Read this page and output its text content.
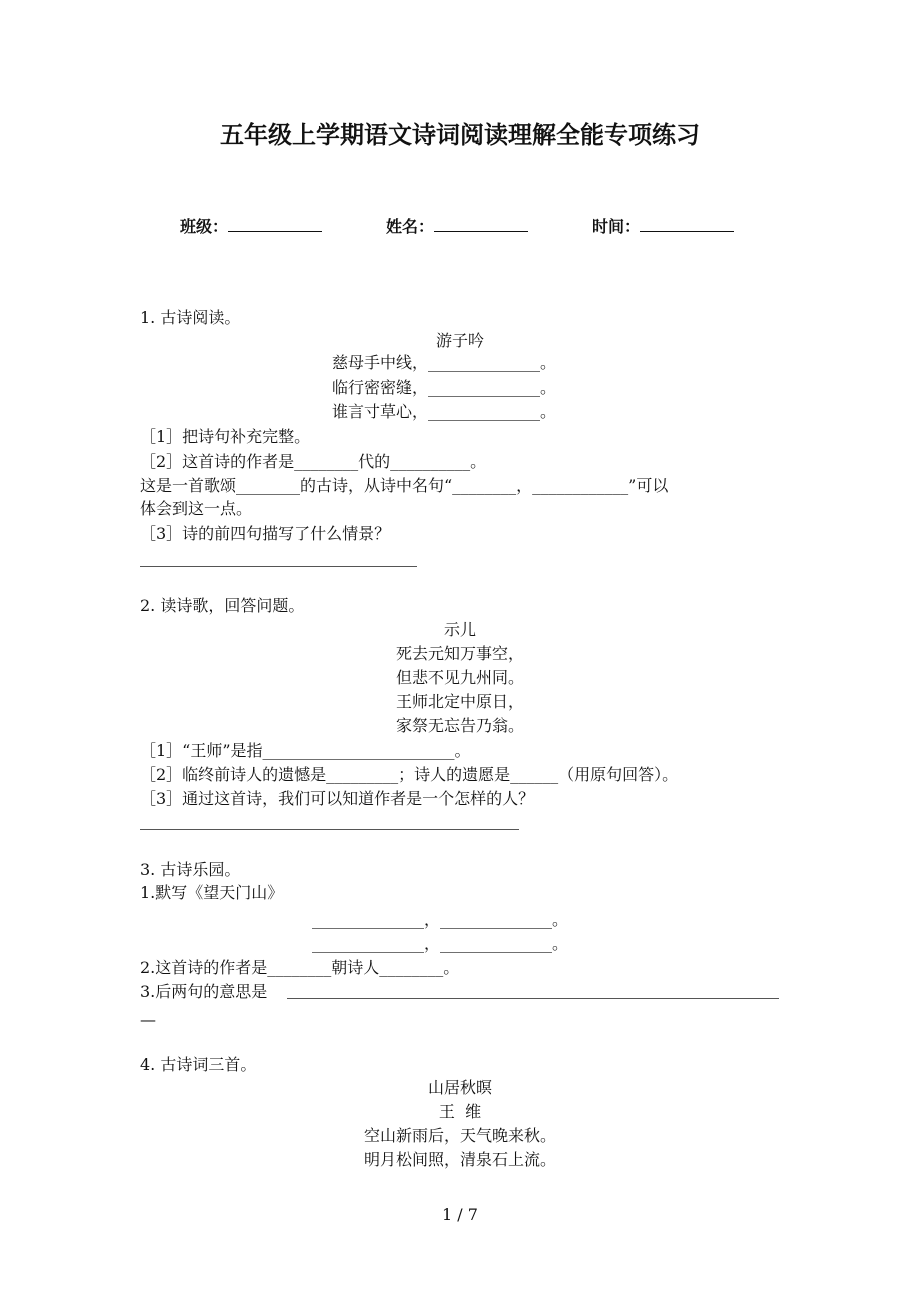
五年级上学期语文诗词阅读理解全能专项练习
班级：	姓名：	时间：
1. 古诗阅读。
游子吟
慈母手中线，______________。
临行密密缝，______________。
谁言寸草心，______________。
［1］把诗句补充完整。
［2］这首诗的作者是________代的__________。
这是一首歌颂________的古诗，从诗中名句“________，____________”可以
体会到这一点。
［3］诗的前四句描写了什么情景？
2. 读诗歌，回答问题。
示儿
死去元知万事空，
但悲不见九州同。
王师北定中原日，
家祭无忘告乃翁。
［1］“王师”是指________________________。
［2］临终前诗人的遗憾是_________；诗人的遗愿是______（用原句回答）。
［3］通过这首诗，我们可以知道作者是一个怎样的人？
3. 古诗乐园。
1.默写《望天门山》
______________，______________。
______________，______________。
2.这首诗的作者是________朝诗人________。
3.后两句的意思是
—
4. 古诗词三首。
山居秋暝
王  维
空山新雨后，天气晚来秋。
明月松间照，清泉石上流。
1 / 7
